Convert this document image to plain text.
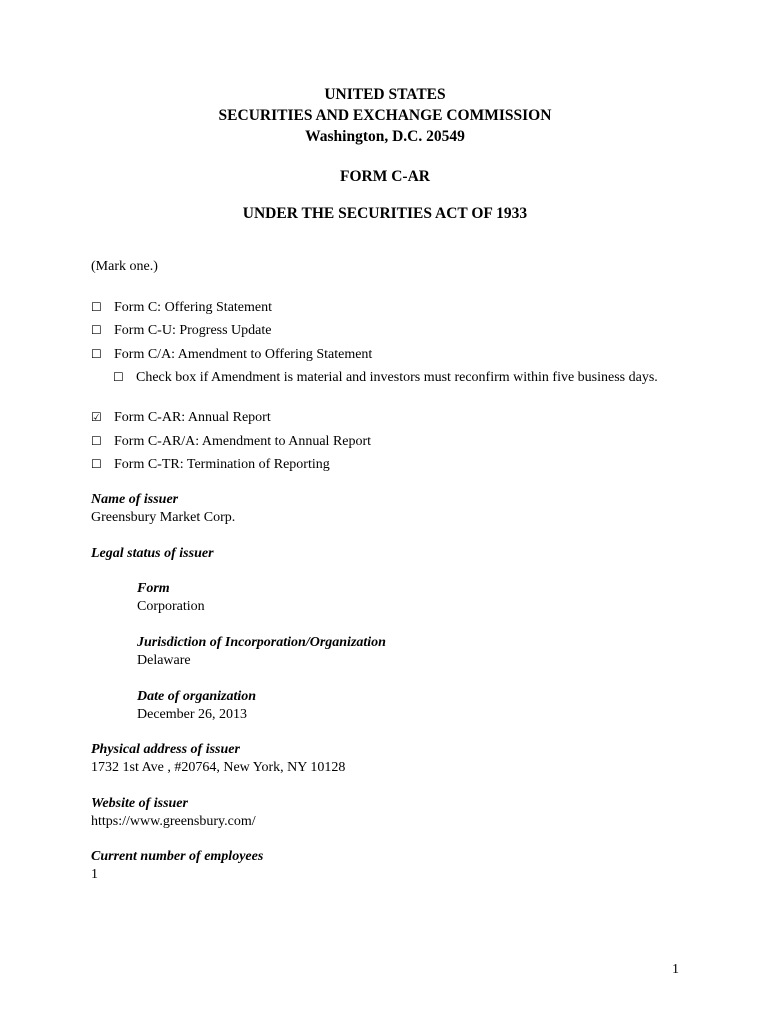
UNITED STATES
SECURITIES AND EXCHANGE COMMISSION
Washington, D.C. 20549
FORM C-AR
UNDER THE SECURITIES ACT OF 1933
(Mark one.)
☐ Form C: Offering Statement
☐ Form C-U: Progress Update
☐ Form C/A: Amendment to Offering Statement
☐ Check box if Amendment is material and investors must reconfirm within five business days.
☑ Form C-AR: Annual Report
☐ Form C-AR/A: Amendment to Annual Report
☐ Form C-TR: Termination of Reporting
Name of issuer
Greensbury Market Corp.
Legal status of issuer
Form
Corporation
Jurisdiction of Incorporation/Organization
Delaware
Date of organization
December 26, 2013
Physical address of issuer
1732 1st Ave , #20764, New York, NY 10128
Website of issuer
https://www.greensbury.com/
Current number of employees
1
1
